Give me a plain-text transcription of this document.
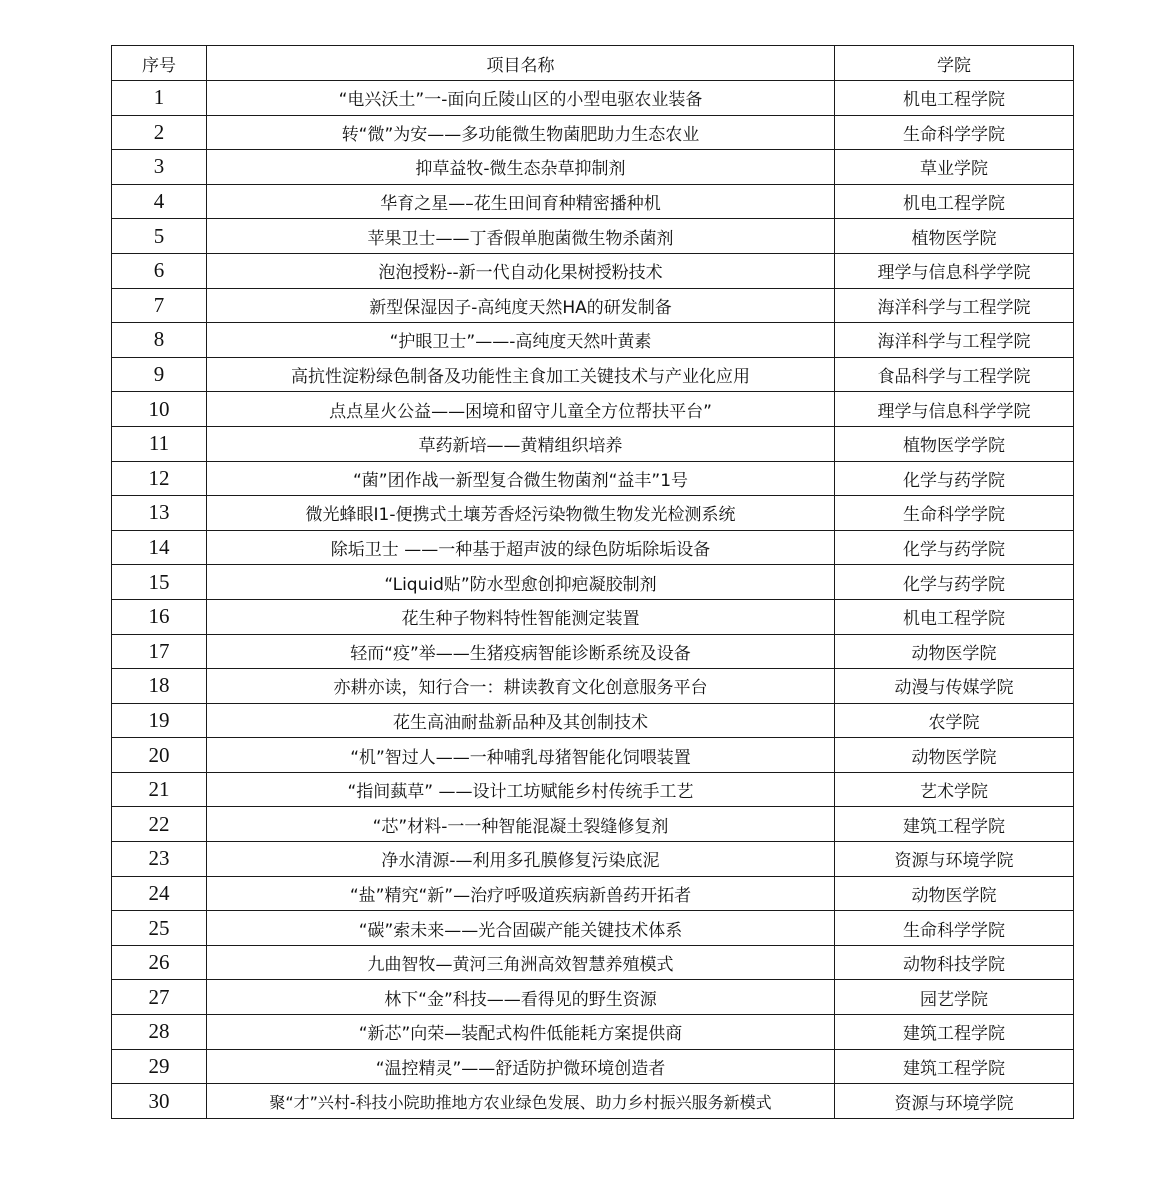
序号	项目名称	学院
1	“电兴沃土”一-面向丘陵山区的小型电驱农业装备	机电工程学院
2	转“微”为安——多功能微生物菌肥助力生态农业	生命科学学院
3	抑草益牧-微生态杂草抑制剂	草业学院
4	华育之星—–花生田间育种精密播种机	机电工程学院
5	苹果卫士——丁香假单胞菌微生物杀菌剂	植物医学院
6	泡泡授粉--新一代自动化果树授粉技术	理学与信息科学学院
7	新型保湿因子-高纯度天然HA的研发制备	海洋科学与工程学院
8	“护眼卫士”——-高纯度天然叶黄素	海洋科学与工程学院
9	高抗性淀粉绿色制备及功能性主食加工关键技术与产业化应用	食品科学与工程学院
10	点点星火公益——困境和留守儿童全方位帮扶平台”	理学与信息科学学院
11	草药新培——黄精组织培养	植物医学学院
12	“菌”团作战一新型复合微生物菌剂“益丰”1号	化学与药学院
13	微光蜂眼I1-便携式土壤芳香烃污染物微生物发光检测系统	生命科学学院
14	除垢卫士 ——一种基于超声波的绿色防垢除垢设备	化学与药学院
15	“Liquid贴”防水型愈创抑疤凝胶制剂	化学与药学院
16	花生种子物料特性智能测定装置	机电工程学院
17	轻而“疫”举——生猪疫病智能诊断系统及设备	动物医学院
18	亦耕亦读，知行合一：耕读教育文化创意服务平台	动漫与传媒学院
19	花生高油耐盐新品种及其创制技术	农学院
20	“机”智过人——一种哺乳母猪智能化饲喂装置	动物医学院
21	“指间蓺草” ——设计工坊赋能乡村传统手工艺	艺术学院
22	“芯”材料-一一种智能混凝土裂缝修复剂	建筑工程学院
23	净水清源-—利用多孔膜修复污染底泥	资源与环境学院
24	“盐”精究“新”—治疗呼吸道疾病新兽药开拓者	动物医学院
25	“碳”索未来——光合固碳产能关键技术体系	生命科学学院
26	九曲智牧—黄河三角洲高效智慧养殖模式	动物科技学院
27	林下“金”科技——看得见的野生资源	园艺学院
28	“新芯”向荣—装配式构件低能耗方案提供商	建筑工程学院
29	“温控精灵”——舒适防护微环境创造者	建筑工程学院
30	聚“才”兴村-科技小院助推地方农业绿色发展、助力乡村振兴服务新模式	资源与环境学院
